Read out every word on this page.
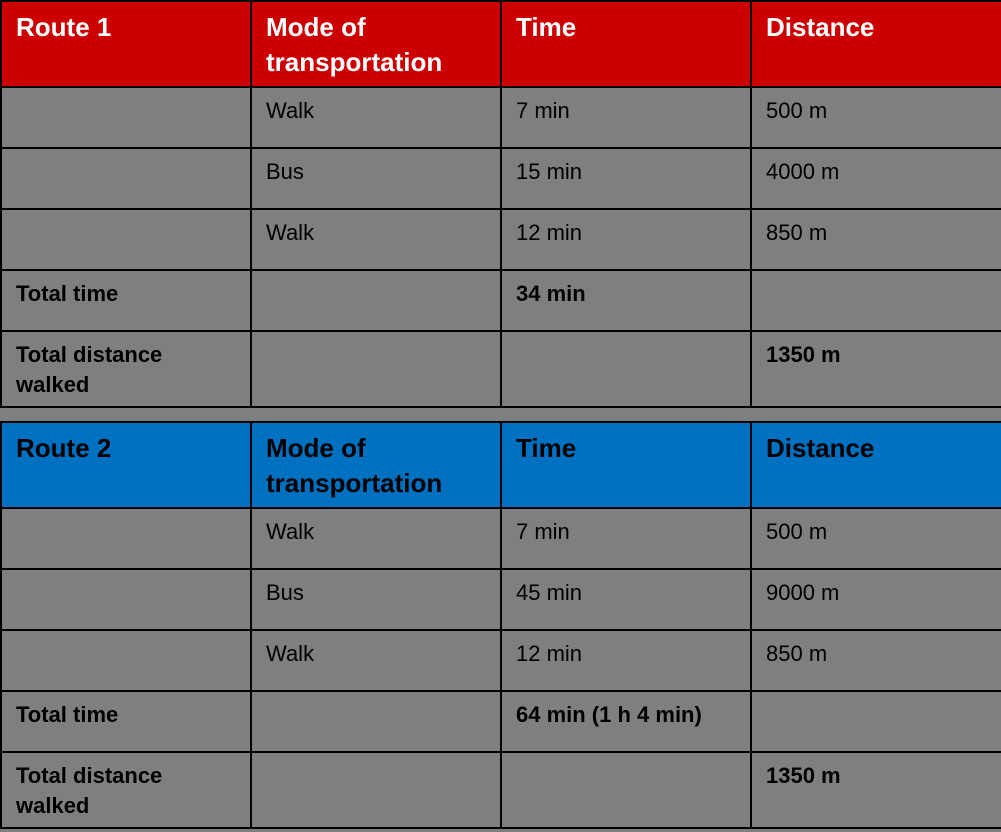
Route 1	Mode of transportation	Time	Distance
	Walk	7 min	500 m
	Bus	15 min	4000 m
	Walk	12 min	850 m
Total time		34 min	
Total distance walked			1350 m
Route 2	Mode of transportation	Time	Distance
	Walk	7 min	500 m
	Bus	45 min	9000 m
	Walk	12 min	850 m
Total time		64 min (1 h 4 min)	
Total distance walked			1350 m
